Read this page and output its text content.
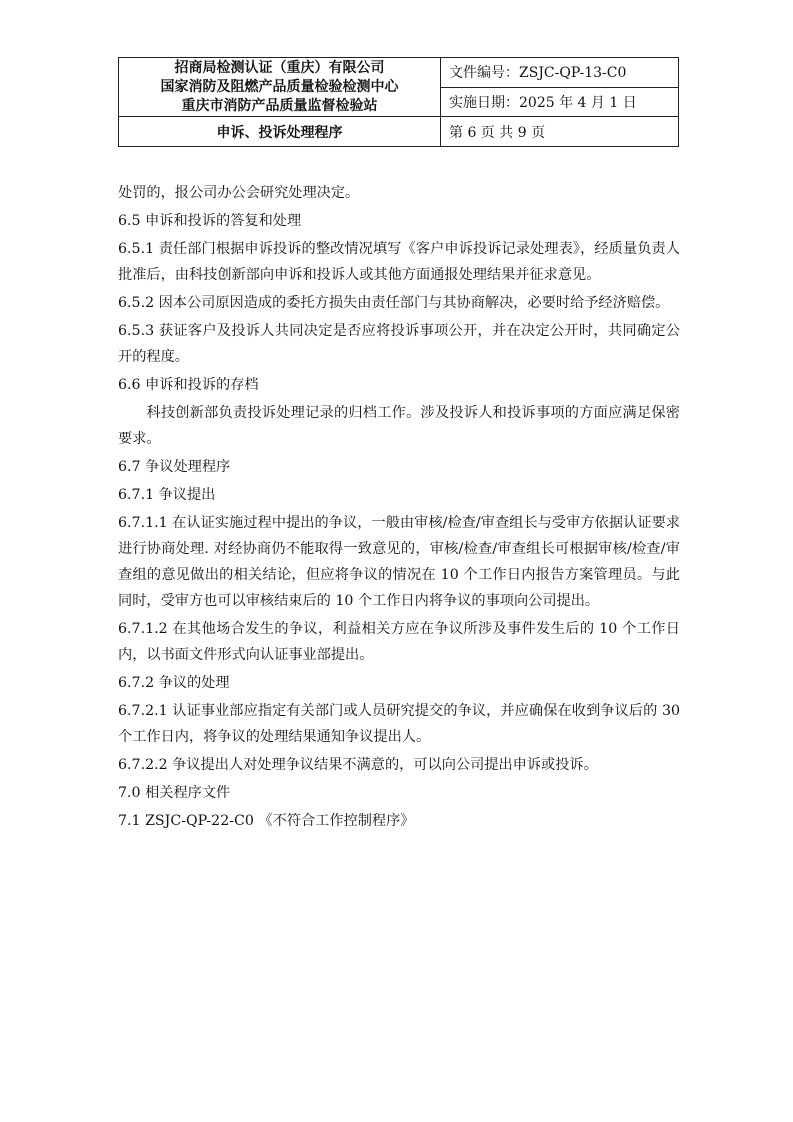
招商局检测认证（重庆）有限公司
国家消防及阻燃产品质量检验检测中心
重庆市消防产品质量监督检验站	文件编号：ZSJC-QP-13-C0
	实施日期：2025 年 4 月 1 日
申诉、投诉处理程序	第 6 页 共 9 页

处罚的，报公司办公会研究处理决定。

6.5 申诉和投诉的答复和处理

6.5.1 责任部门根据申诉投诉的整改情况填写《客户申诉投诉记录处理表》，经质量负责人批准后，由科技创新部向申诉和投诉人或其他方面通报处理结果并征求意见。

6.5.2 因本公司原因造成的委托方损失由责任部门与其协商解决，必要时给予经济赔偿。

6.5.3 获证客户及投诉人共同决定是否应将投诉事项公开，并在决定公开时，共同确定公开的程度。

6.6 申诉和投诉的存档

科技创新部负责投诉处理记录的归档工作。涉及投诉人和投诉事项的方面应满足保密要求。

6.7 争议处理程序

6.7.1 争议提出

6.7.1.1 在认证实施过程中提出的争议，一般由审核/检查/审查组长与受审方依据认证要求进行协商处理. 对经协商仍不能取得一致意见的，审核/检查/审查组长可根据审核/检查/审查组的意见做出的相关结论，但应将争议的情况在 10 个工作日内报告方案管理员。与此同时，受审方也可以审核结束后的 10 个工作日内将争议的事项向公司提出。

6.7.1.2 在其他场合发生的争议，利益相关方应在争议所涉及事件发生后的 10 个工作日内，以书面文件形式向认证事业部提出。

6.7.2 争议的处理

6.7.2.1 认证事业部应指定有关部门或人员研究提交的争议，并应确保在收到争议后的 30 个工作日内，将争议的处理结果通知争议提出人。

6.7.2.2 争议提出人对处理争议结果不满意的，可以向公司提出申诉或投诉。

7.0 相关程序文件

7.1 ZSJC-QP-22-C0 《不符合工作控制程序》
